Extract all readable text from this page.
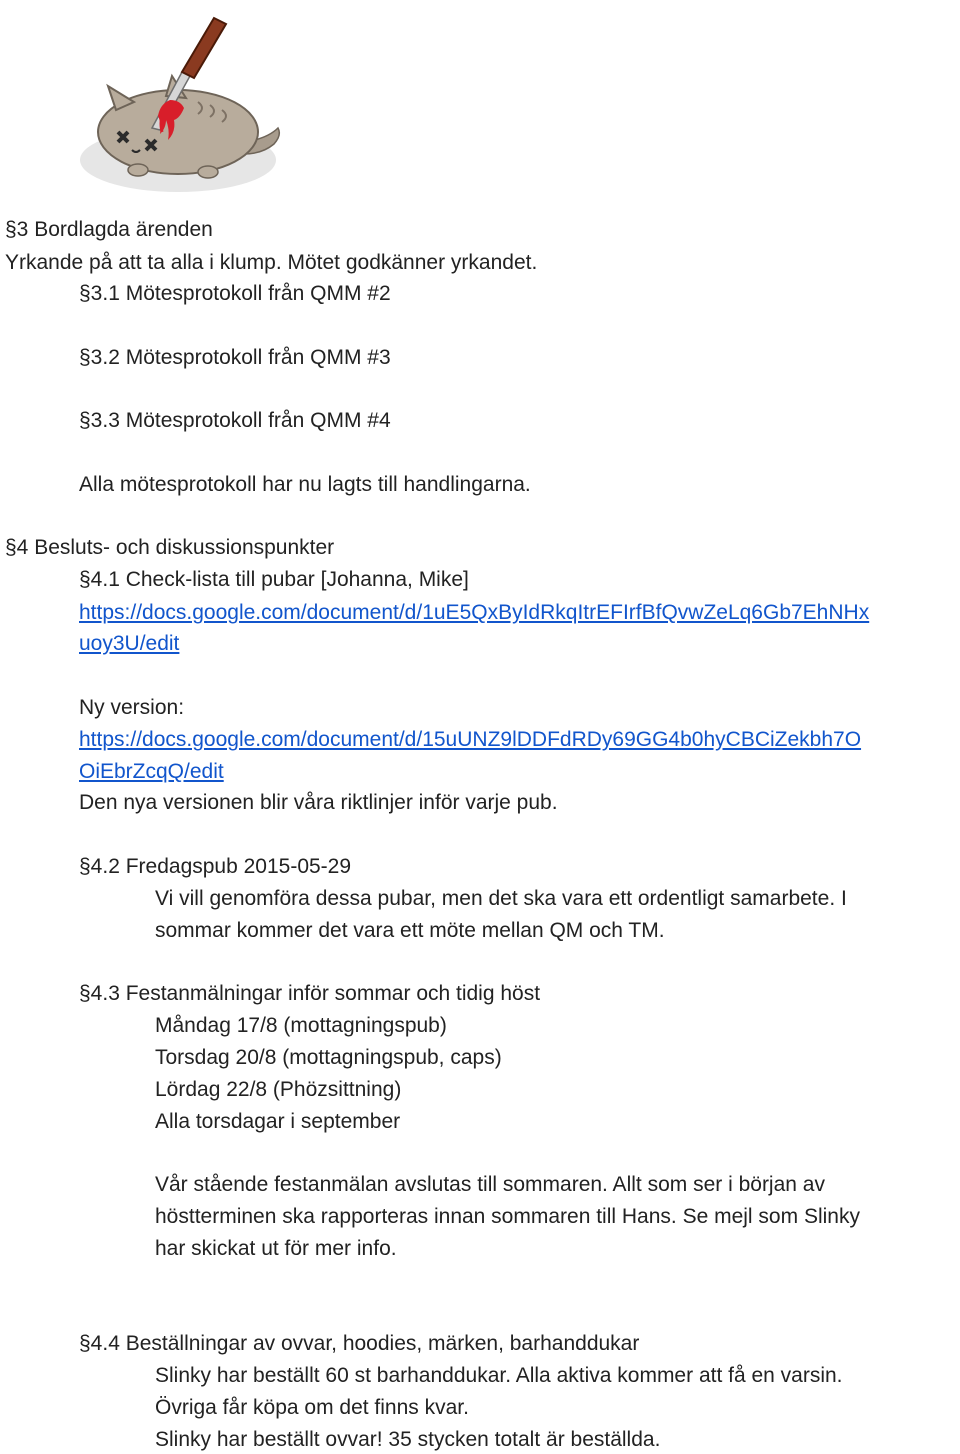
§3 Bordlagda ärenden
Yrkande på att ta alla i klump. Mötet godkänner yrkandet.
§3.1 Mötesprotokoll från QMM #2
§3.2 Mötesprotokoll från QMM #3
§3.3 Mötesprotokoll från QMM #4
Alla mötesprotokoll har nu lagts till handlingarna.
§4 Besluts- och diskussionspunkter
§4.1 Check-lista till pubar [Johanna, Mike]
https://docs.google.com/document/d/1uE5QxByIdRkqItrEFIrfBfQvwZeLq6Gb7EhNHx
uoy3U/edit
Ny version:
https://docs.google.com/document/d/15uUNZ9lDDFdRDy69GG4b0hyCBCiZekbh7O
OiEbrZcqQ/edit
Den nya versionen blir våra riktlinjer inför varje pub.
§4.2 Fredagspub 2015-05-29
Vi vill genomföra dessa pubar, men det ska vara ett ordentligt samarbete. I
sommar kommer det vara ett möte mellan QM och TM.
§4.3 Festanmälningar inför sommar och tidig höst
Måndag 17/8 (mottagningspub)
Torsdag 20/8 (mottagningspub, caps)
Lördag 22/8 (Phözsittning)
Alla torsdagar i september
Vår stående festanmälan avslutas till sommaren. Allt som ser i början av
höstterminen ska rapporteras innan sommaren till Hans. Se mejl som Slinky
har skickat ut för mer info.
§4.4 Beställningar av ovvar, hoodies, märken, barhanddukar
Slinky har beställt 60 st barhanddukar. Alla aktiva kommer att få en varsin.
Övriga får köpa om det finns kvar.
Slinky har beställt ovvar! 35 stycken totalt är beställda.
